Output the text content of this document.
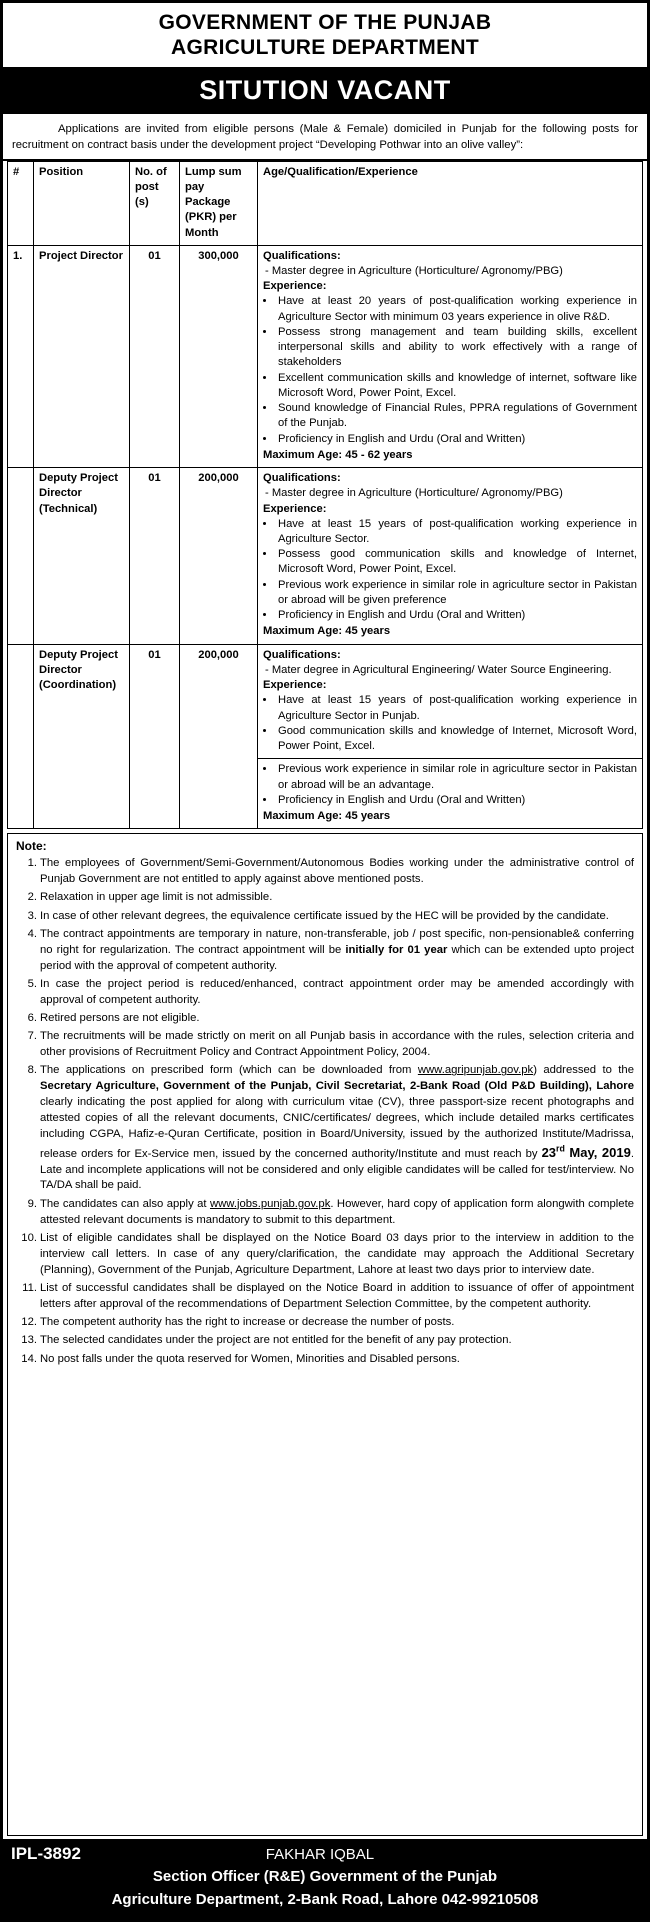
GOVERNMENT OF THE PUNJAB
AGRICULTURE DEPARTMENT
SITUTION VACANT
Applications are invited from eligible persons (Male & Female) domiciled in Punjab for the following posts for recruitment on contract basis under the development project “Developing Pothwar into an olive valley”:
#	Position	No. of post (s)	Lump sum pay Package (PKR) per Month	Age/Qualification/Experience
1.	Project Director	01	300,000	Qualifications:
- Master degree in Agriculture (Horticulture/ Agronomy/PBG)
Experience:
• Have at least 20 years of post-qualification working experience in Agriculture Sector with minimum 03 years experience in olive R&D.
• Possess strong management and team building skills, excellent interpersonal skills and ability to work effectively with a range of stakeholders
• Excellent communication skills and knowledge of internet, software like Microsoft Word, Power Point, Excel.
• Sound knowledge of Financial Rules, PPRA regulations of Government of the Punjab.
• Proficiency in English and Urdu (Oral and Written)
Maximum Age: 45 - 62 years

	Deputy Project Director (Technical)	01	200,000	Qualifications:
- Master degree in Agriculture (Horticulture/ Agronomy/PBG)
Experience:
• Have at least 15 years of post-qualification working experience in Agriculture Sector.
• Possess good communication skills and knowledge of Internet, Microsoft Word, Power Point, Excel.
• Previous work experience in similar role in agriculture sector in Pakistan or abroad will be given preference
• Proficiency in English and Urdu (Oral and Written)
Maximum Age: 45 years

	Deputy Project Director (Coordination)	01	200,000	Qualifications:
- Mater degree in Agricultural Engineering/ Water Source Engineering.
Experience:
• Have at least 15 years of post-qualification working experience in Agriculture Sector in Punjab.
• Good communication skills and knowledge of Internet, Microsoft Word, Power Point, Excel.
• Previous work experience in similar role in agriculture sector in Pakistan or abroad will be an advantage.
• Proficiency in English and Urdu (Oral and Written)
Maximum Age: 45 years
Note:
1. The employees of Government/Semi-Government/Autonomous Bodies working under the administrative control of Punjab Government are not entitled to apply against above mentioned posts.
2. Relaxation in upper age limit is not admissible.
3. In case of other relevant degrees, the equivalence certificate issued by the HEC will be provided by the candidate.
4. The contract appointments are temporary in nature, non-transferable, job / post specific, non-pensionable& conferring no right for regularization. The contract appointment will be initially for 01 year which can be extended upto project period with the approval of competent authority.
5. In case the project period is reduced/enhanced, contract appointment order may be amended accordingly with approval of competent authority.
6. Retired persons are not eligible.
7. The recruitments will be made strictly on merit on all Punjab basis in accordance with the rules, selection criteria and other provisions of Recruitment Policy and Contract Appointment Policy, 2004.
8. The applications on prescribed form (which can be downloaded from www.agripunjab.gov.pk) addressed to the Secretary Agriculture, Government of the Punjab, Civil Secretariat, 2-Bank Road (Old P&D Building), Lahore clearly indicating the post applied for along with curriculum vitae (CV), three passport-size recent photographs and attested copies of all the relevant documents, CNIC/certificates/ degrees, which include detailed marks certificates including CGPA, Hafiz-e-Quran Certificate, position in Board/University, issued by the authorized Institute/Madrissa, release orders for Ex-Service men, issued by the concerned authority/Institute and must reach by 23rd May, 2019. Late and incomplete applications will not be considered and only eligible candidates will be called for test/interview. No TA/DA shall be paid.
9. The candidates can also apply at www.jobs.punjab.gov.pk. However, hard copy of application form alongwith complete attested relevant documents is mandatory to submit to this department.
10. List of eligible candidates shall be displayed on the Notice Board 03 days prior to the interview in addition to the interview call letters. In case of any query/clarification, the candidate may approach the Additional Secretary (Planning), Government of the Punjab, Agriculture Department, Lahore at least two days prior to interview date.
11. List of successful candidates shall be displayed on the Notice Board in addition to issuance of offer of appointment letters after approval of the recommendations of Department Selection Committee, by the competent authority.
12. The competent authority has the right to increase or decrease the number of posts.
13. The selected candidates under the project are not entitled for the benefit of any pay protection.
14. No post falls under the quota reserved for Women, Minorities and Disabled persons.
IPL-3892	FAKHAR IQBAL
Section Officer (R&E) Government of the Punjab
Agriculture Department, 2-Bank Road, Lahore 042-99210508
